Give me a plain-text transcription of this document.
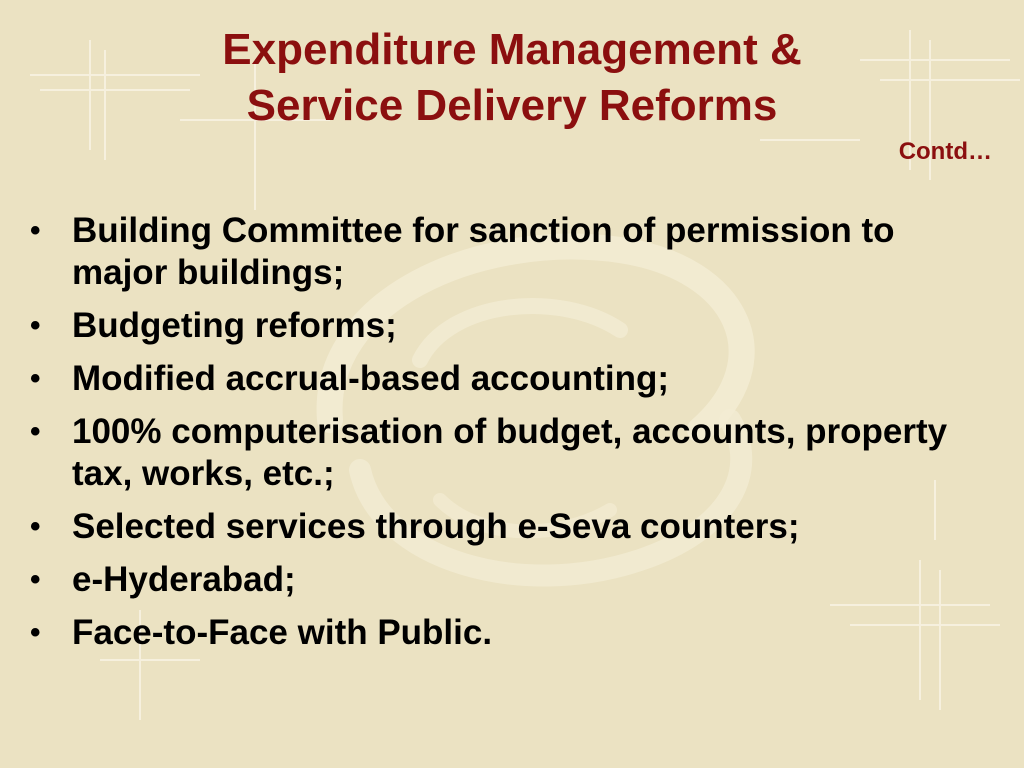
Expenditure Management &
Service Delivery Reforms
Contd…
• Building Committee for sanction of permission to major buildings;
• Budgeting reforms;
• Modified accrual-based accounting;
• 100% computerisation of budget, accounts, property tax, works, etc.;
• Selected services through e-Seva counters;
• e-Hyderabad;
• Face-to-Face with Public.
